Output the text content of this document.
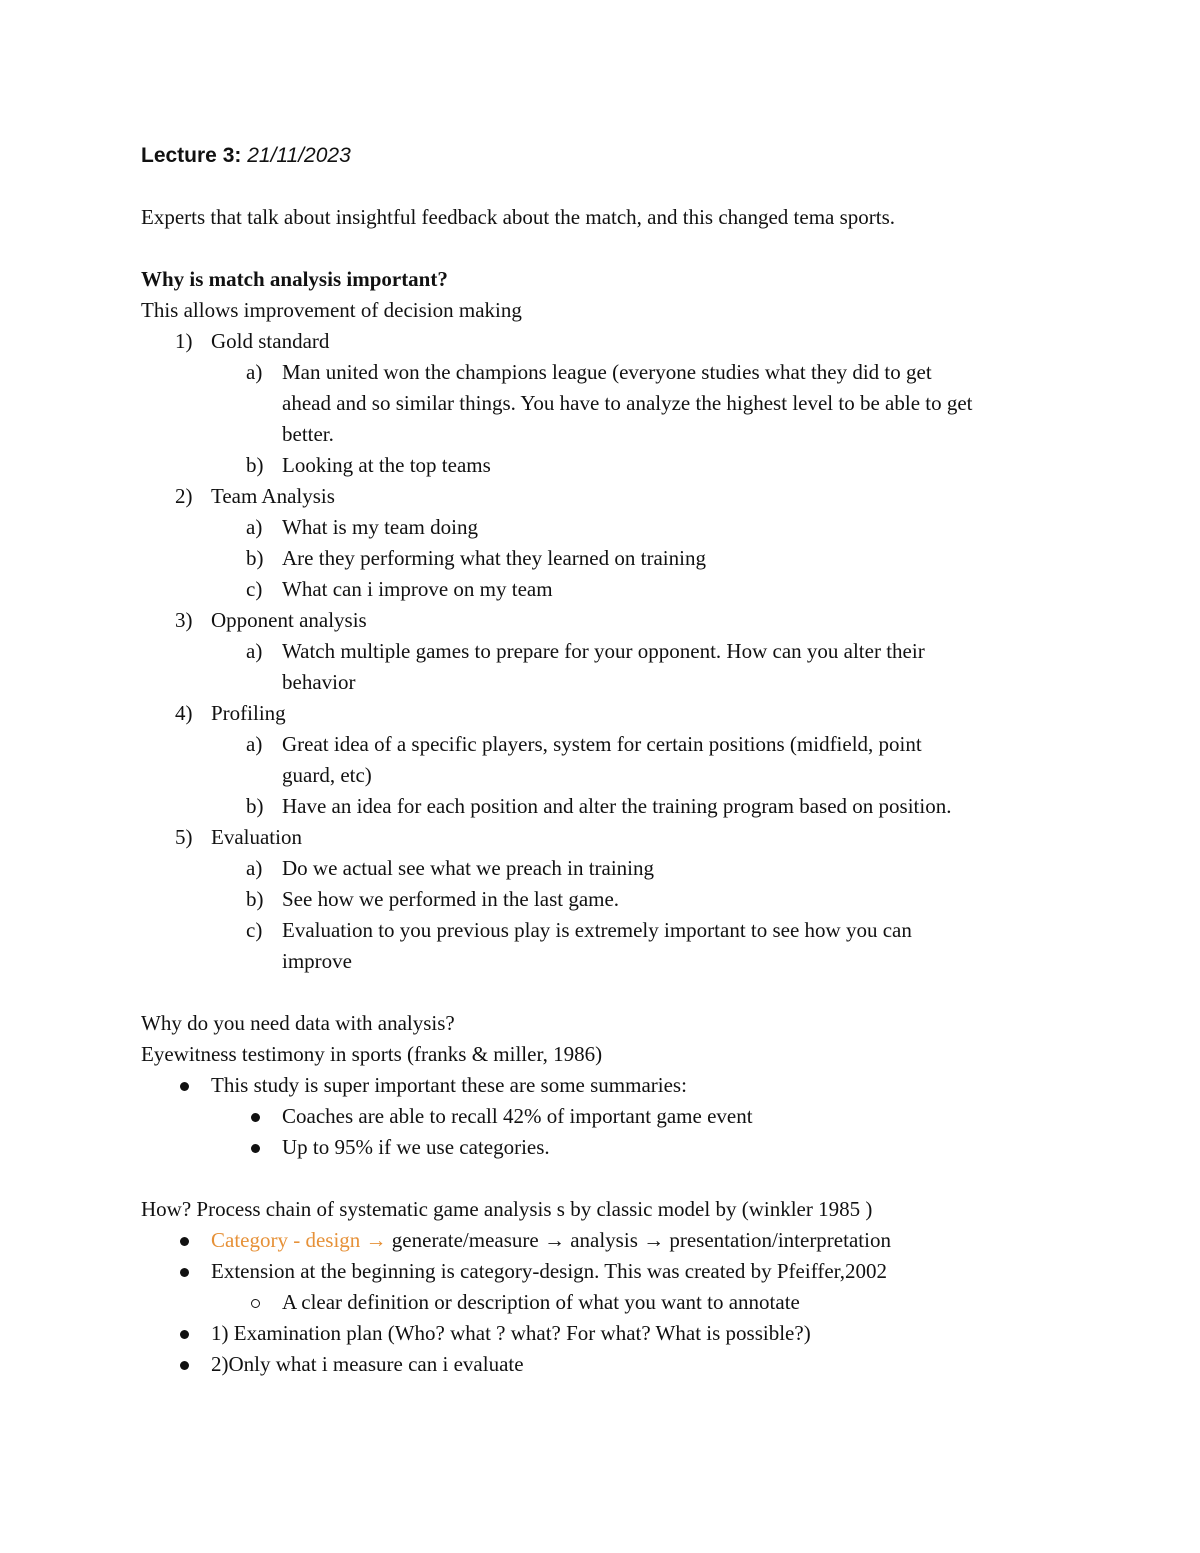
Lecture 3: 21/11/2023
Experts that talk about insightful feedback about the match, and this changed tema sports.
Why is match analysis important?
This allows improvement of decision making
1) Gold standard
a) Man united won the champions league (everyone studies what they did to get
ahead and so similar things. You have to analyze the highest level to be able to get
better.
b) Looking at the top teams
2) Team Analysis
a) What is my team doing
b) Are they performing what they learned on training
c) What can i improve on my team
3) Opponent analysis
a) Watch multiple games to prepare for your opponent. How can you alter their
behavior
4) Profiling
a) Great idea of a specific players, system for certain positions (midfield, point
guard, etc)
b) Have an idea for each position and alter the training program based on position.
5) Evaluation
a) Do we actual see what we preach in training
b) See how we performed in the last game.
c) Evaluation to you previous play is extremely important to see how you can
improve
Why do you need data with analysis?
Eyewitness testimony in sports (franks & miller, 1986)
This study is super important these are some summaries:
Coaches are able to recall 42% of important game event
Up to 95% if we use categories.
How? Process chain of systematic game analysis s by classic model by (winkler 1985 )
Category - design → generate/measure → analysis → presentation/interpretation
Extension at the beginning is category-design. This was created by Pfeiffer,2002
A clear definition or description of what you want to annotate
1) Examination plan (Who? what ? what? For what? What is possible?)
2)Only what i measure can i evaluate
